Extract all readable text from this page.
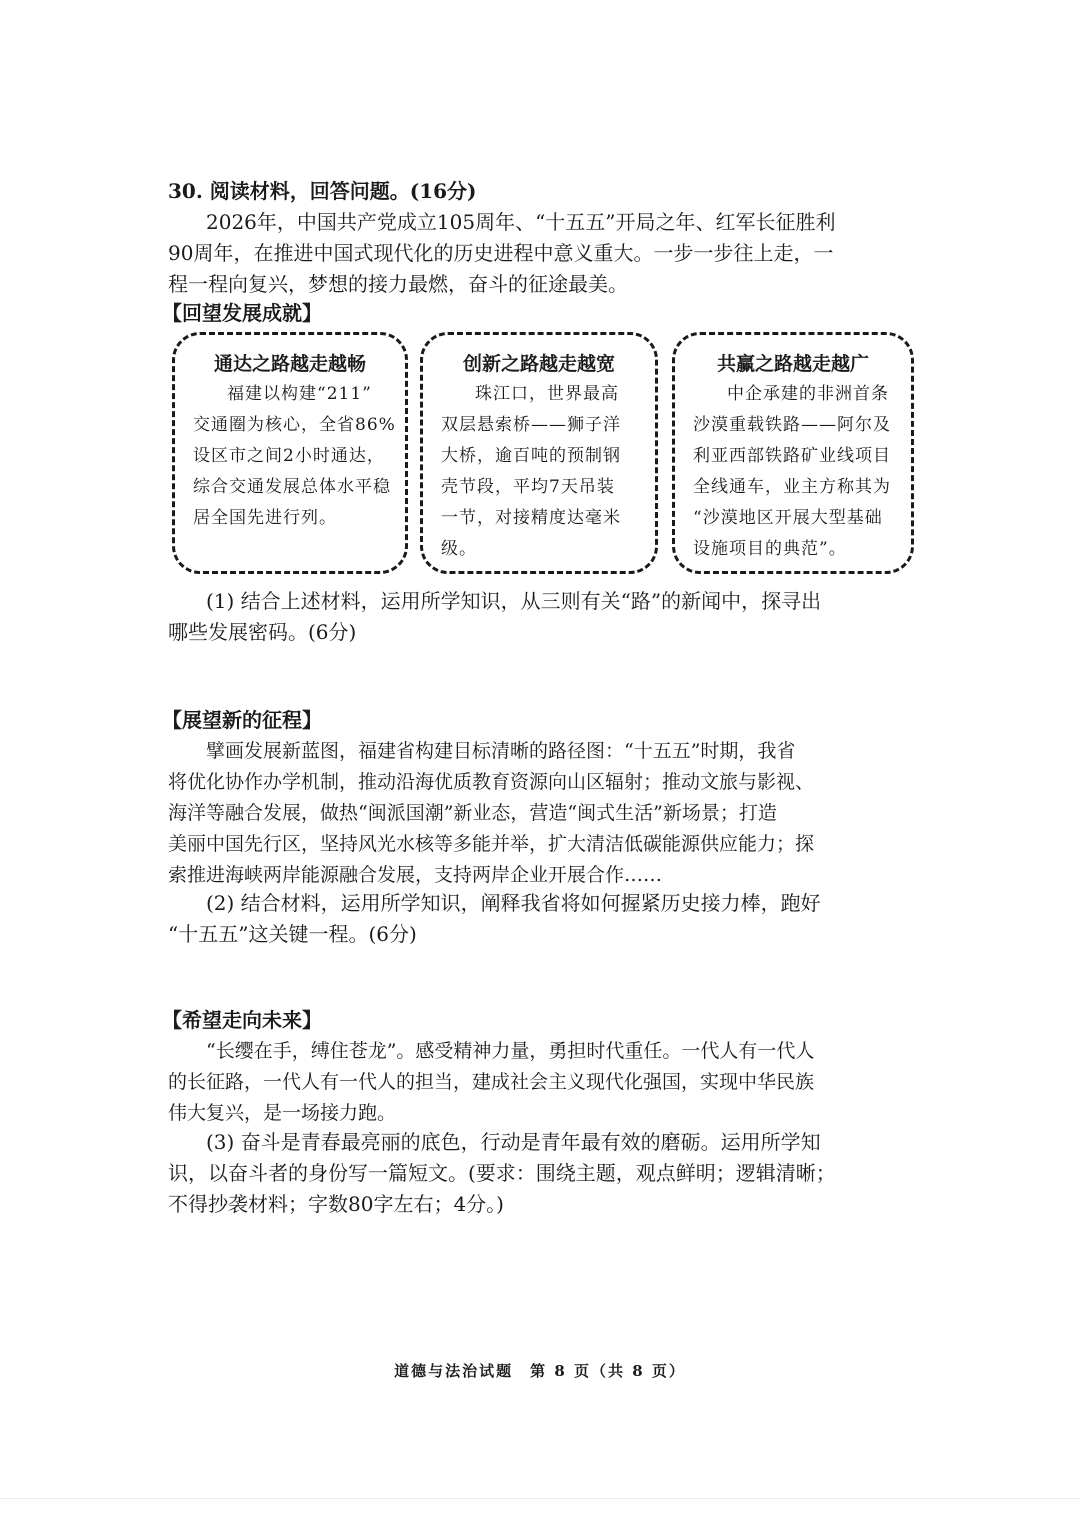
30. 阅读材料，回答问题。(16分)
2026年，中国共产党成立105周年、“十五五”开局之年、红军长征胜利
90周年，在推进中国式现代化的历史进程中意义重大。一步一步往上走，一
程一程向复兴，梦想的接力最燃，奋斗的征途最美。
【回望发展成就】
通达之路越走越畅
福建以构建“211”
交通圈为核心，全省86%
设区市之间2小时通达，
综合交通发展总体水平稳
居全国先进行列。
创新之路越走越宽
珠江口，世界最高
双层悬索桥——狮子洋
大桥，逾百吨的预制钢
壳节段，平均7天吊装
一节，对接精度达毫米
级。
共赢之路越走越广
中企承建的非洲首条
沙漠重载铁路——阿尔及
利亚西部铁路矿业线项目
全线通车，业主方称其为
“沙漠地区开展大型基础
设施项目的典范”。
(1) 结合上述材料，运用所学知识，从三则有关“路”的新闻中，探寻出
哪些发展密码。(6分)
【展望新的征程】
擘画发展新蓝图，福建省构建目标清晰的路径图：“十五五”时期，我省
将优化协作办学机制，推动沿海优质教育资源向山区辐射；推动文旅与影视、
海洋等融合发展，做热“闽派国潮”新业态，营造“闽式生活”新场景；打造
美丽中国先行区，坚持风光水核等多能并举，扩大清洁低碳能源供应能力；探
索推进海峡两岸能源融合发展，支持两岸企业开展合作……
(2) 结合材料，运用所学知识，阐释我省将如何握紧历史接力棒，跑好
“十五五”这关键一程。(6分)
【希望走向未来】
“长缨在手，缚住苍龙”。感受精神力量，勇担时代重任。一代人有一代人
的长征路，一代人有一代人的担当，建成社会主义现代化强国，实现中华民族
伟大复兴，是一场接力跑。
(3) 奋斗是青春最亮丽的底色，行动是青年最有效的磨砺。运用所学知
识，以奋斗者的身份写一篇短文。(要求：围绕主题，观点鲜明；逻辑清晰；
不得抄袭材料；字数80字左右；4分。)
道德与法治试题　第 8 页（共 8 页）
